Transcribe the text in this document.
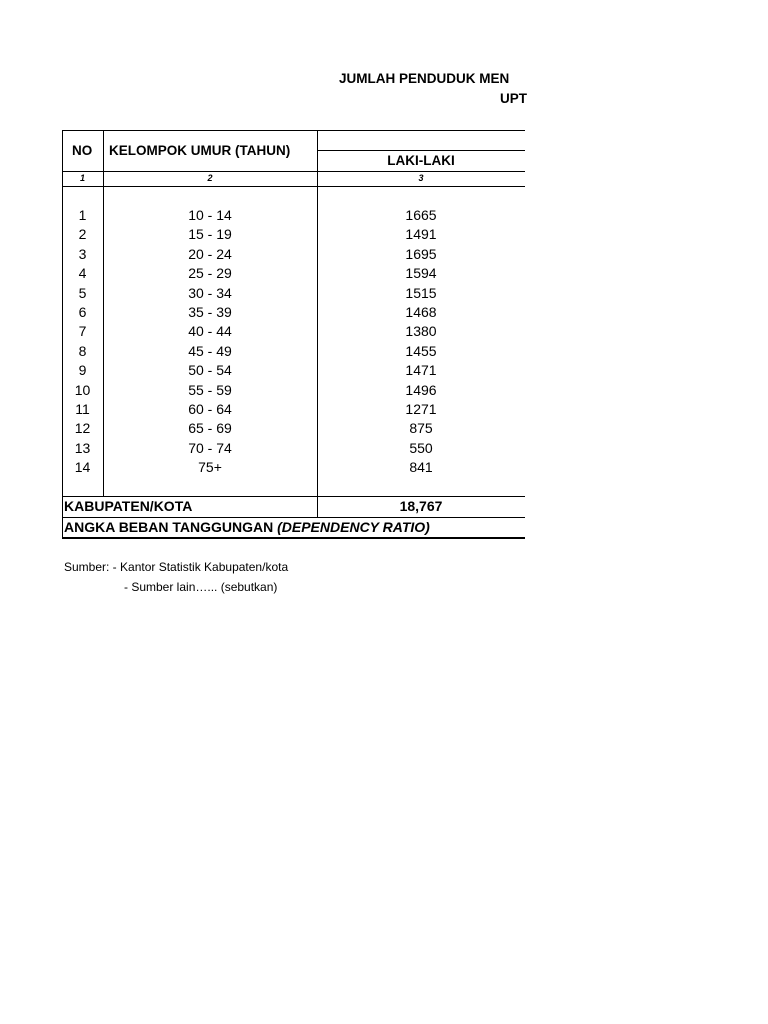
JUMLAH PENDUDUK MEN
UPT
NO KELOMPOK UMUR (TAHUN)
LAKI-LAKI
1	2	3
1	10 - 14	1665
2	15 - 19	1491
3	20 - 24	1695
4	25 - 29	1594
5	30 - 34	1515
6	35 - 39	1468
7	40 - 44	1380
8	45 - 49	1455
9	50 - 54	1471
10	55 - 59	1496
11	60 - 64	1271
12	65 - 69	875
13	70 - 74	550
14	75+	841
KABUPATEN/KOTA	18,767
ANGKA BEBAN TANGGUNGAN (DEPENDENCY RATIO)
Sumber: - Kantor Statistik Kabupaten/kota
- Sumber lain…... (sebutkan)
